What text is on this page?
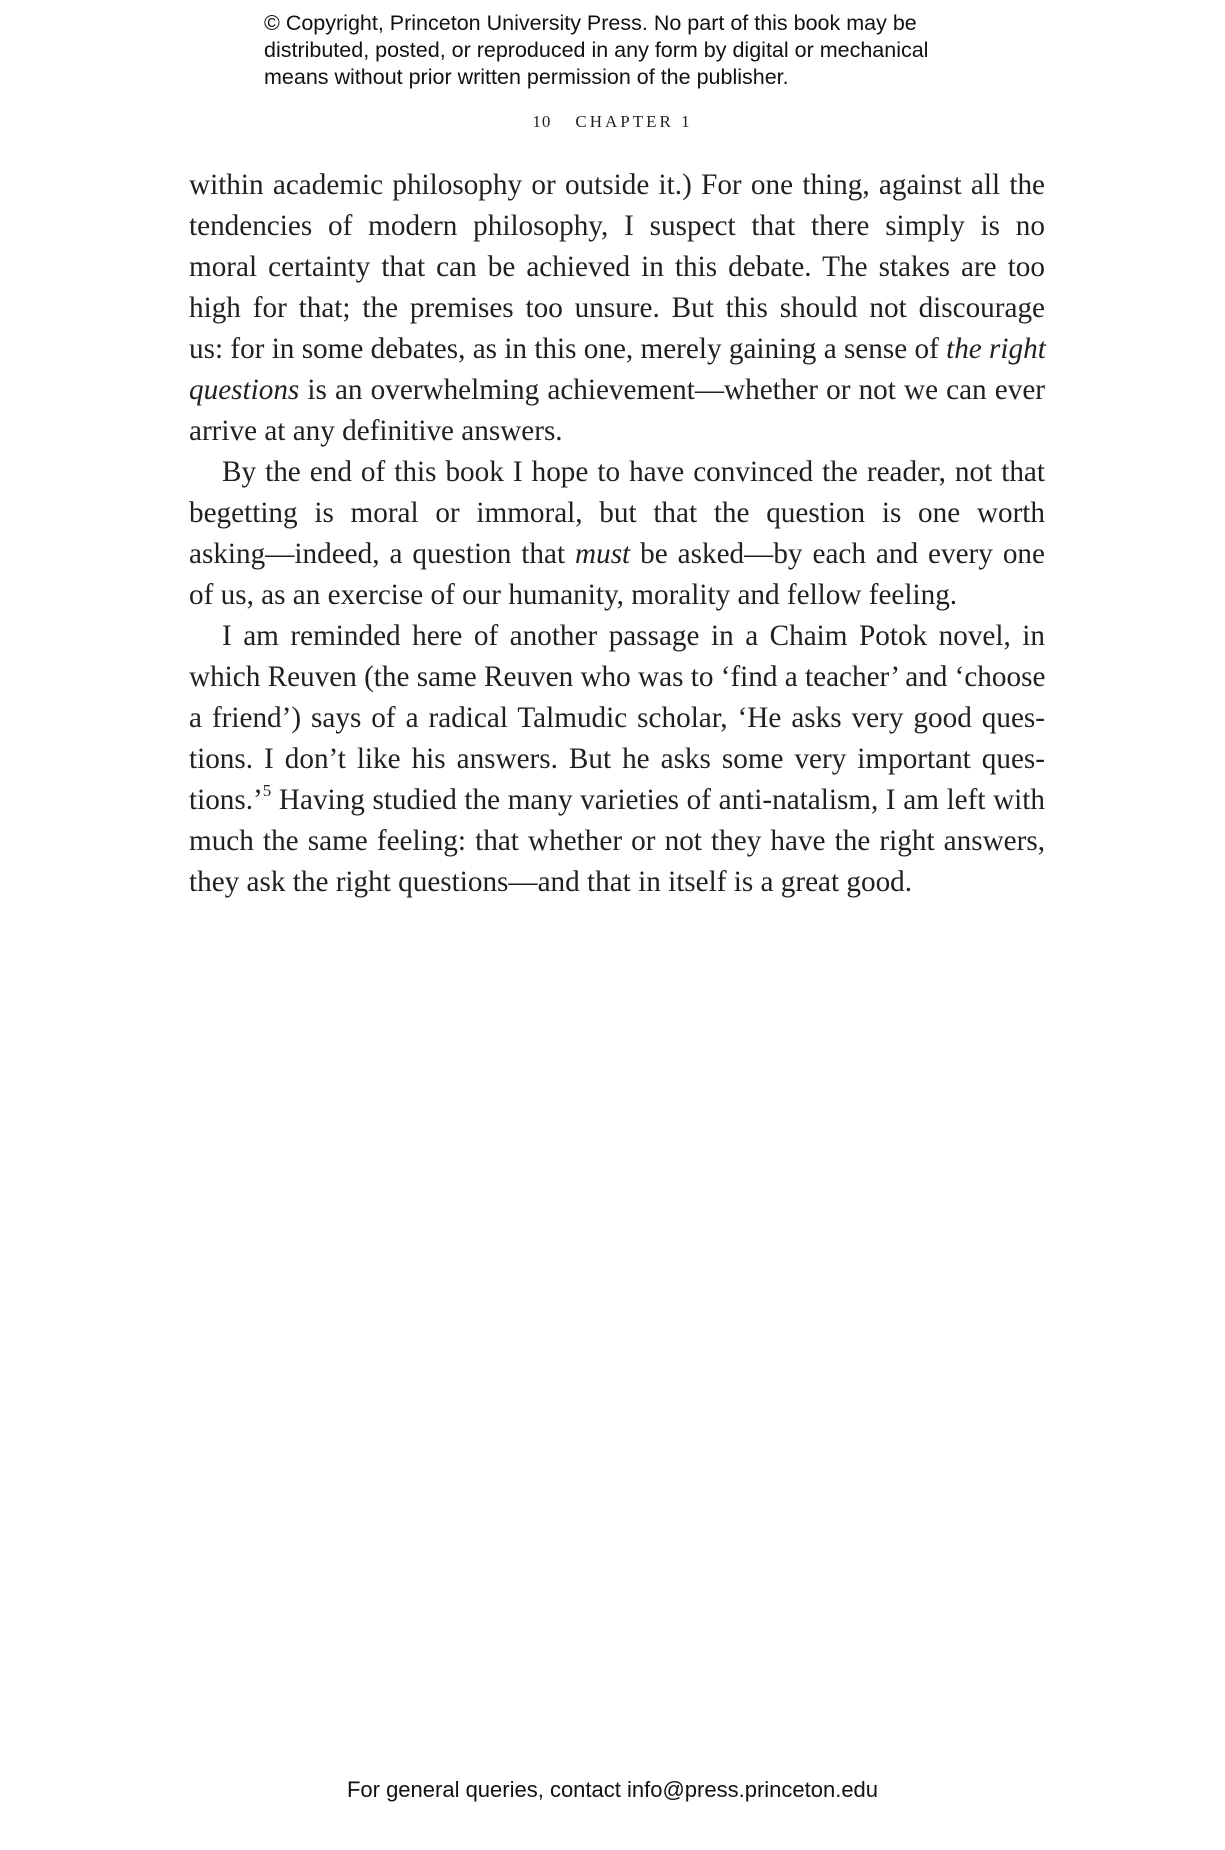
© Copyright, Princeton University Press. No part of this book may be
distributed, posted, or reproduced in any form by digital or mechanical
means without prior written permission of the publisher.
10 CHAPTER 1
within academic philosophy or outside it.) For one thing, against all the
tendencies of modern philosophy, I suspect that there simply is no
moral certainty that can be achieved in this debate. The stakes are too
high for that; the premises too unsure. But this should not discourage
us: for in some debates, as in this one, merely gaining a sense of the right
questions is an overwhelming achievement—whether or not we can ever
arrive at any definitive answers.
By the end of this book I hope to have convinced the reader, not that
begetting is moral or immoral, but that the question is one worth
asking—indeed, a question that must be asked—by each and every one
of us, as an exercise of our humanity, morality and fellow feeling.
I am reminded here of another passage in a Chaim Potok novel, in
which Reuven (the same Reuven who was to ‘find a teacher’ and ‘choose
a friend’) says of a radical Talmudic scholar, ‘He asks very good ques-
tions. I don’t like his answers. But he asks some very important ques-
tions.’$^5$ Having studied the many varieties of anti-natalism, I am left with
much the same feeling: that whether or not they have the right answers,
they ask the right questions—and that in itself is a great good.
For general queries, contact info@press.princeton.edu
